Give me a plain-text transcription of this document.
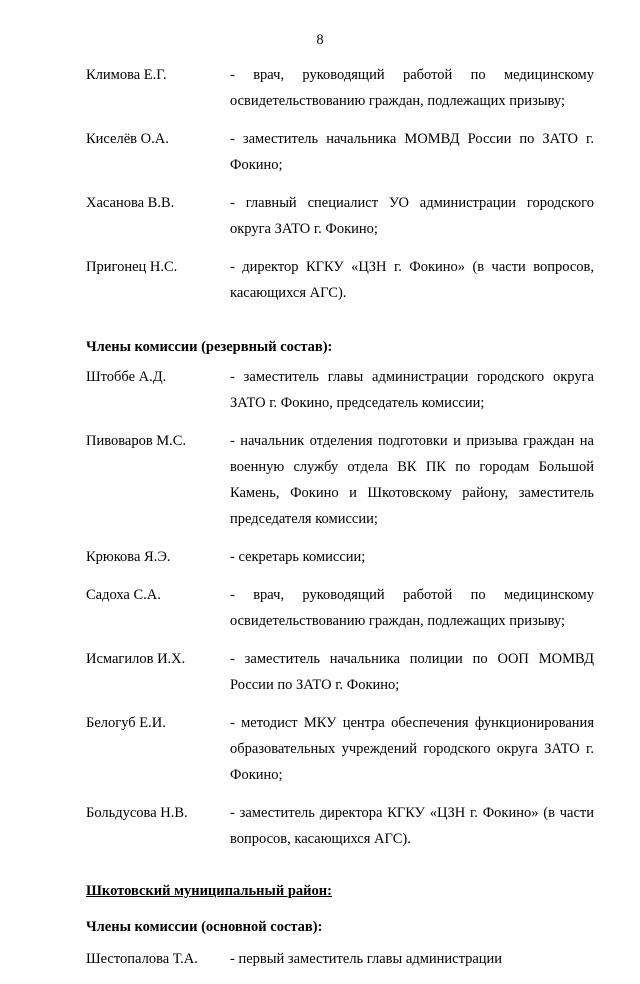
8
Климова Е.Г.	- врач, руководящий работой по медицинскому освидетельствованию граждан, подлежащих призыву;
Киселёв О.А.	- заместитель начальника МОМВД России по ЗАТО г. Фокино;
Хасанова В.В.	- главный специалист УО администрации городского округа ЗАТО г. Фокино;
Пригонец Н.С.	- директор КГКУ «ЦЗН г. Фокино» (в части вопросов, касающихся АГС).
Члены комиссии (резервный состав):
Штоббе А.Д.	- заместитель главы администрации городского округа ЗАТО г. Фокино, председатель комиссии;
Пивоваров М.С.	- начальник отделения подготовки и призыва граждан на военную службу отдела ВК ПК по городам Большой Камень, Фокино и Шкотовскому району, заместитель председателя комиссии;
Крюкова Я.Э.	- секретарь комиссии;
Садоха С.А.	- врач, руководящий работой по медицинскому освидетельствованию граждан, подлежащих призыву;
Исмагилов И.Х.	- заместитель начальника полиции по ООП МОМВД России по ЗАТО г. Фокино;
Белогуб Е.И.	- методист МКУ центра обеспечения функционирования образовательных учреждений городского округа ЗАТО г. Фокино;
Больдусова Н.В.	- заместитель директора КГКУ «ЦЗН г. Фокино» (в части вопросов, касающихся АГС).
Шкотовский муниципальный район:
Члены комиссии (основной состав):
Шестопалова Т.А.	- первый заместитель главы администрации
